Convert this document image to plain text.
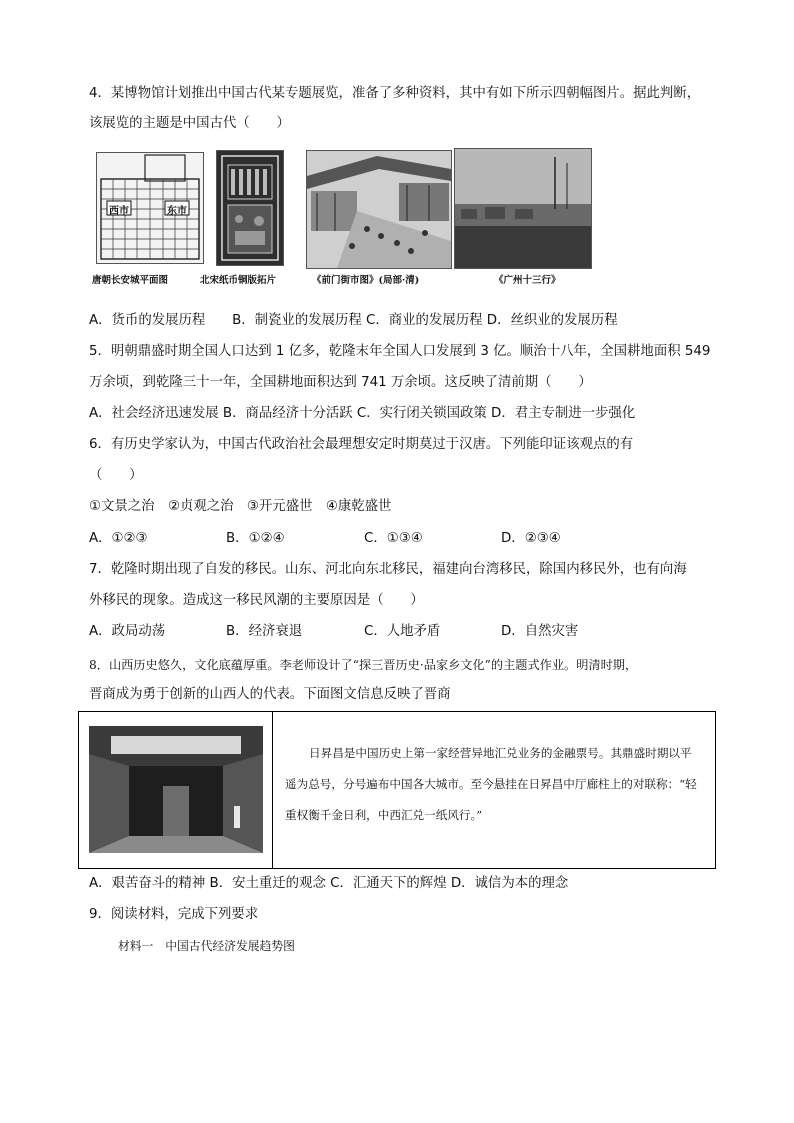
4．某博物馆计划推出中国古代某专题展览，准备了多种资料，其中有如下所示四朝幅图片。据此判断，
该展览的主题是中国古代（　　）
西市	东市
唐朝长安城平面图	北宋纸币铜版拓片	《前门街市图》(局部·清)	《广州十三行》
A．货币的发展历程　　B．制瓷业的发展历程 C．商业的发展历程 D．丝织业的发展历程
5．明朝鼎盛时期全国人口达到 1 亿多，乾隆末年全国人口发展到 3 亿。顺治十八年，全国耕地面积 549
万余顷，到乾隆三十一年，全国耕地面积达到 741 万余顷。这反映了清前期（　　）
A．社会经济迅速发展 B．商品经济十分活跃 C．实行闭关锁国政策 D．君主专制进一步强化
6．有历史学家认为，中国古代政治社会最理想安定时期莫过于汉唐。下列能印证该观点的有
（　　）
①文景之治　②贞观之治　③开元盛世　④康乾盛世
A．①②③	B．①②④	C．①③④	D．②③④
7．乾隆时期出现了自发的移民。山东、河北向东北移民，福建向台湾移民，除国内移民外，也有向海
外移民的现象。造成这一移民风潮的主要原因是（　　）
A．政局动荡	B．经济衰退	C．人地矛盾	D．自然灾害
8．山西历史悠久，文化底蕴厚重。李老师设计了“探三晋历史·品家乡文化”的主题式作业。明清时期，
晋商成为勇于创新的山西人的代表。下面图文信息反映了晋商
日昇昌是中国历史上第一家经营异地汇兑业务的金融票号。其鼎盛时期以平遥为总号，分号遍布中国各大城市。至今悬挂在日昇昌中厅廊柱上的对联称：“轻重权衡千金日利，中西汇兑一纸风行。”
A．艰苦奋斗的精神 B．安土重迁的观念 C．汇通天下的辉煌 D．诚信为本的理念
9．阅读材料，完成下列要求
材料一　中国古代经济发展趋势图
